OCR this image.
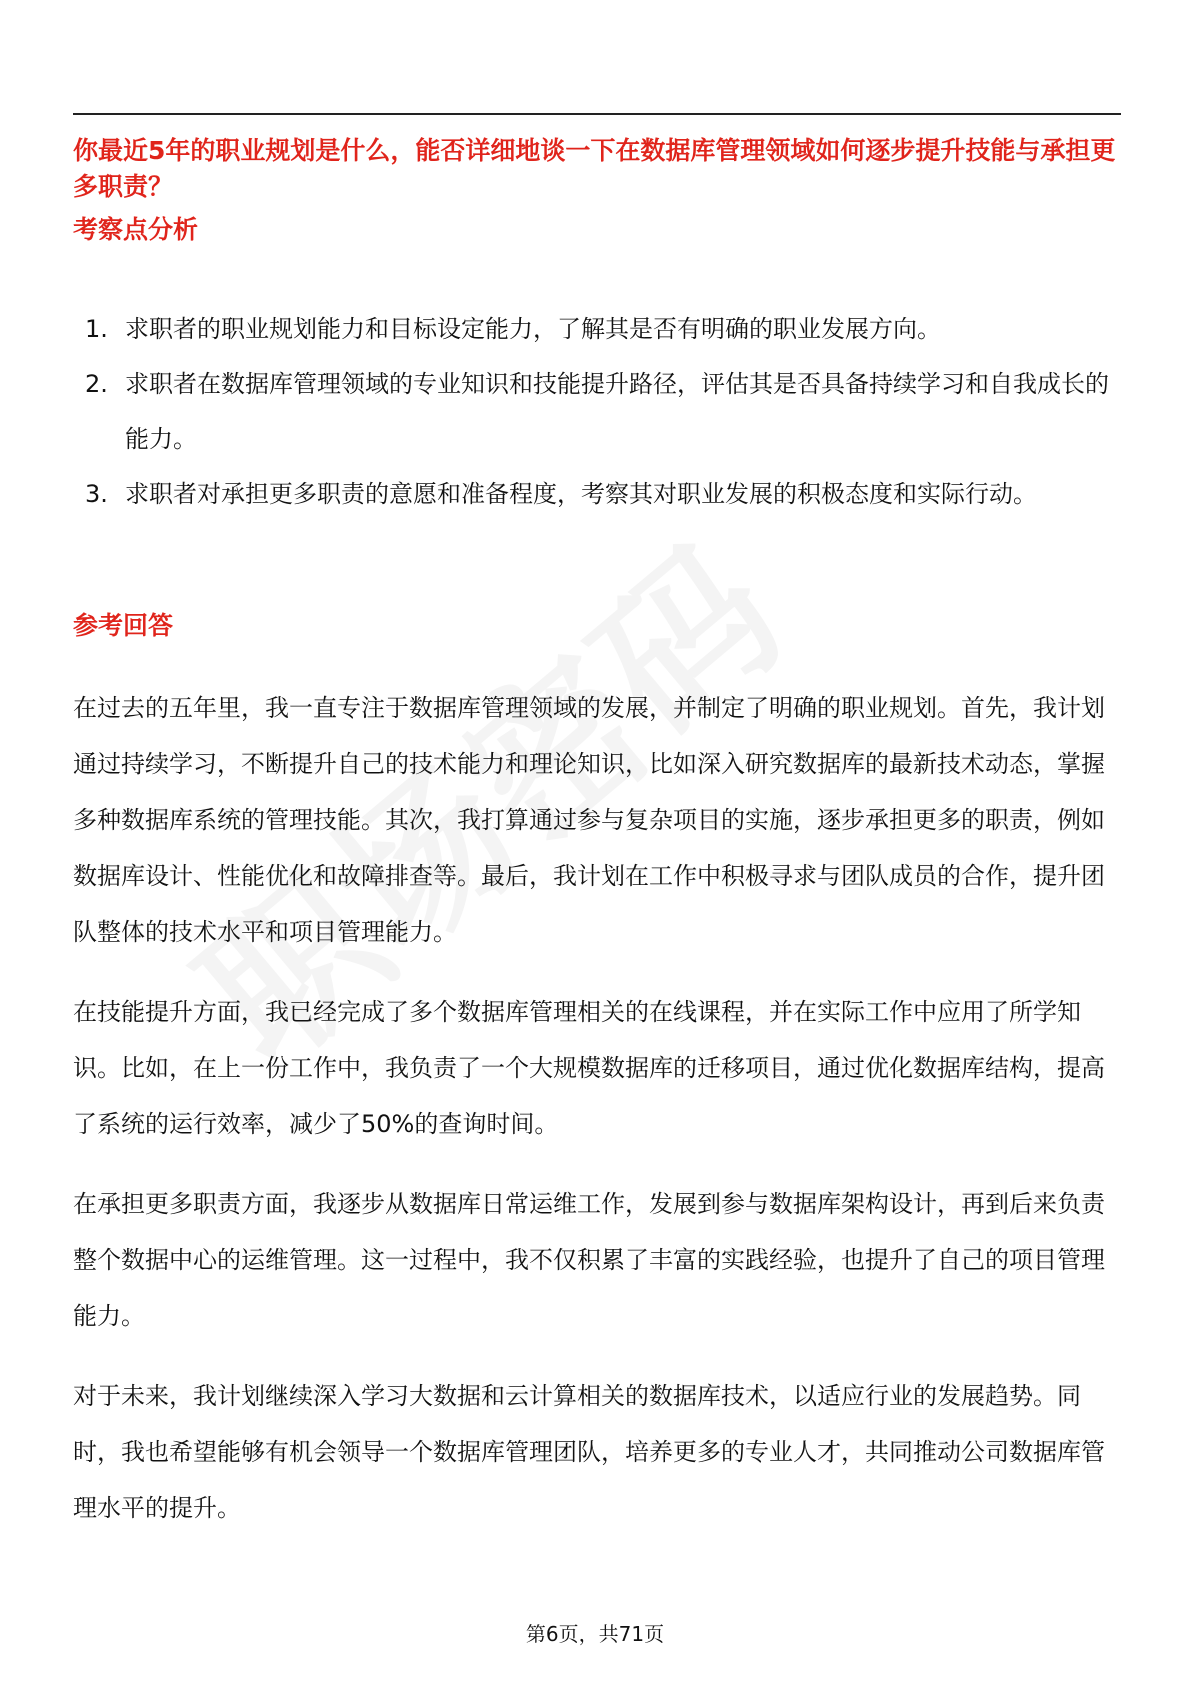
你最近5年的职业规划是什么，能否详细地谈一下在数据库管理领域如何逐步提升技能与承担更多职责？
考察点分析
1. 求职者的职业规划能力和目标设定能力，了解其是否有明确的职业发展方向。
2. 求职者在数据库管理领域的专业知识和技能提升路径，评估其是否具备持续学习和自我成长的能力。
3. 求职者对承担更多职责的意愿和准备程度，考察其对职业发展的积极态度和实际行动。
参考回答

在过去的五年里，我一直专注于数据库管理领域的发展，并制定了明确的职业规划。首先，我计划通过持续学习，不断提升自己的技术能力和理论知识，比如深入研究数据库的最新技术动态，掌握多种数据库系统的管理技能。其次，我打算通过参与复杂项目的实施，逐步承担更多的职责，例如数据库设计、性能优化和故障排查等。最后，我计划在工作中积极寻求与团队成员的合作，提升团队整体的技术水平和项目管理能力。

在技能提升方面，我已经完成了多个数据库管理相关的在线课程，并在实际工作中应用了所学知识。比如，在上一份工作中，我负责了一个大规模数据库的迁移项目，通过优化数据库结构，提高了系统的运行效率，减少了50%的查询时间。

在承担更多职责方面，我逐步从数据库日常运维工作，发展到参与数据库架构设计，再到后来负责整个数据中心的运维管理。这一过程中，我不仅积累了丰富的实践经验，也提升了自己的项目管理能力。

对于未来，我计划继续深入学习大数据和云计算相关的数据库技术，以适应行业的发展趋势。同时，我也希望能够有机会领导一个数据库管理团队，培养更多的专业人才，共同推动公司数据库管理水平的提升。

第6页，共71页
